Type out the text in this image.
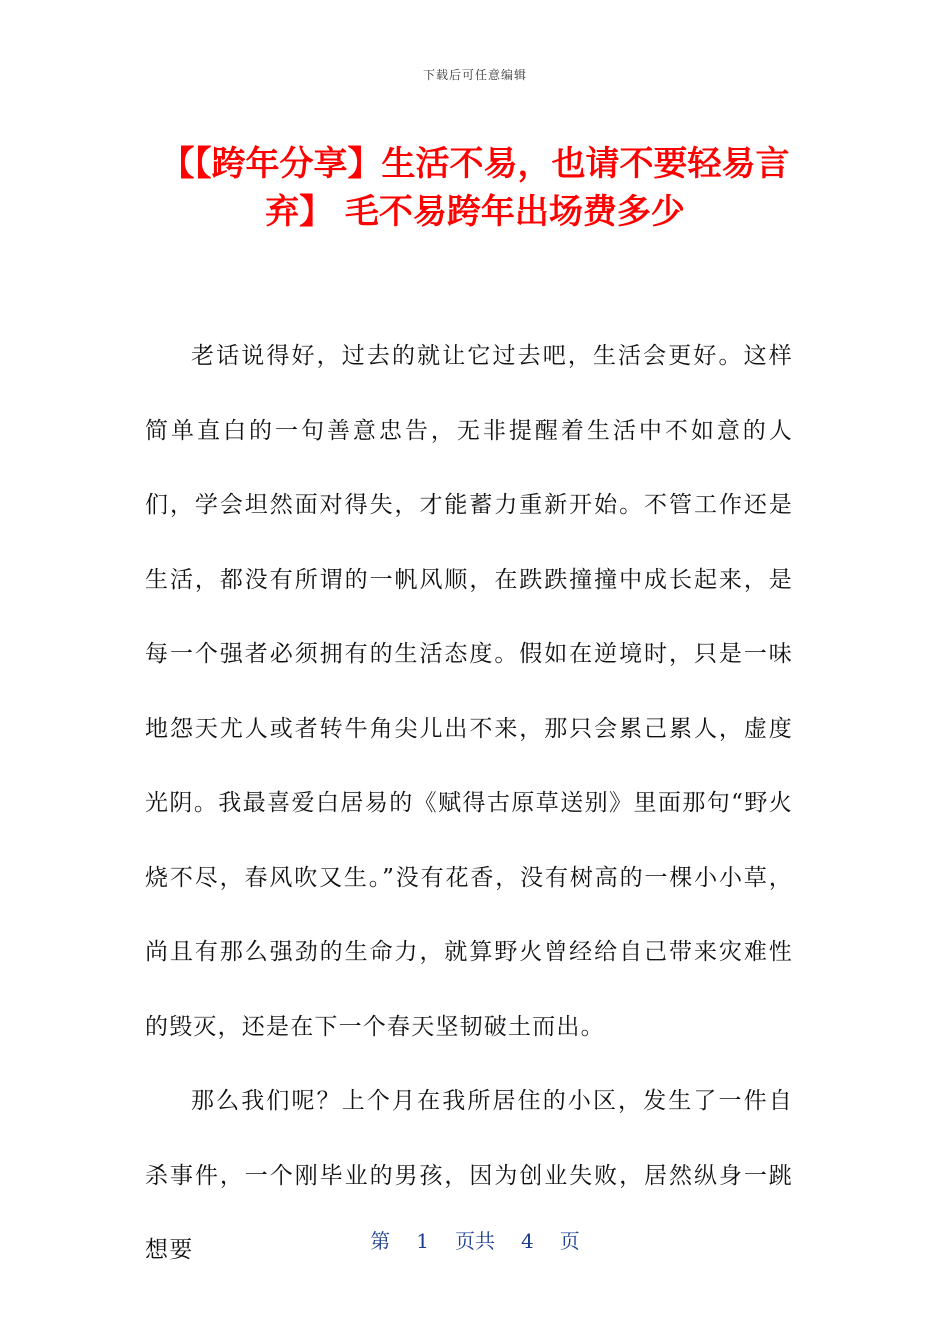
下载后可任意编辑
【【跨年分享】生活不易，也请不要轻易言弃】 毛不易跨年出场费多少

老话说得好，过去的就让它过去吧，生活会更好。这样简单直白的一句善意忠告，无非提醒着生活中不如意的人们，学会坦然面对得失，才能蓄力重新开始。不管工作还是生活，都没有所谓的一帆风顺，在跌跌撞撞中成长起来，是每一个强者必须拥有的生活态度。假如在逆境时，只是一味地怨天尤人或者转牛角尖儿出不来，那只会累己累人，虚度光阴。我最喜爱白居易的《赋得古原草送别》里面那句“野火烧不尽，春风吹又生。”没有花香，没有树高的一棵小小草，尚且有那么强劲的生命力，就算野火曾经给自己带来灾难性的毁灭，还是在下一个春天坚韧破土而出。

那么我们呢？上个月在我所居住的小区，发生了一件自杀事件，一个刚毕业的男孩，因为创业失败，居然纵身一跳想要	第 1 页共 4 页
